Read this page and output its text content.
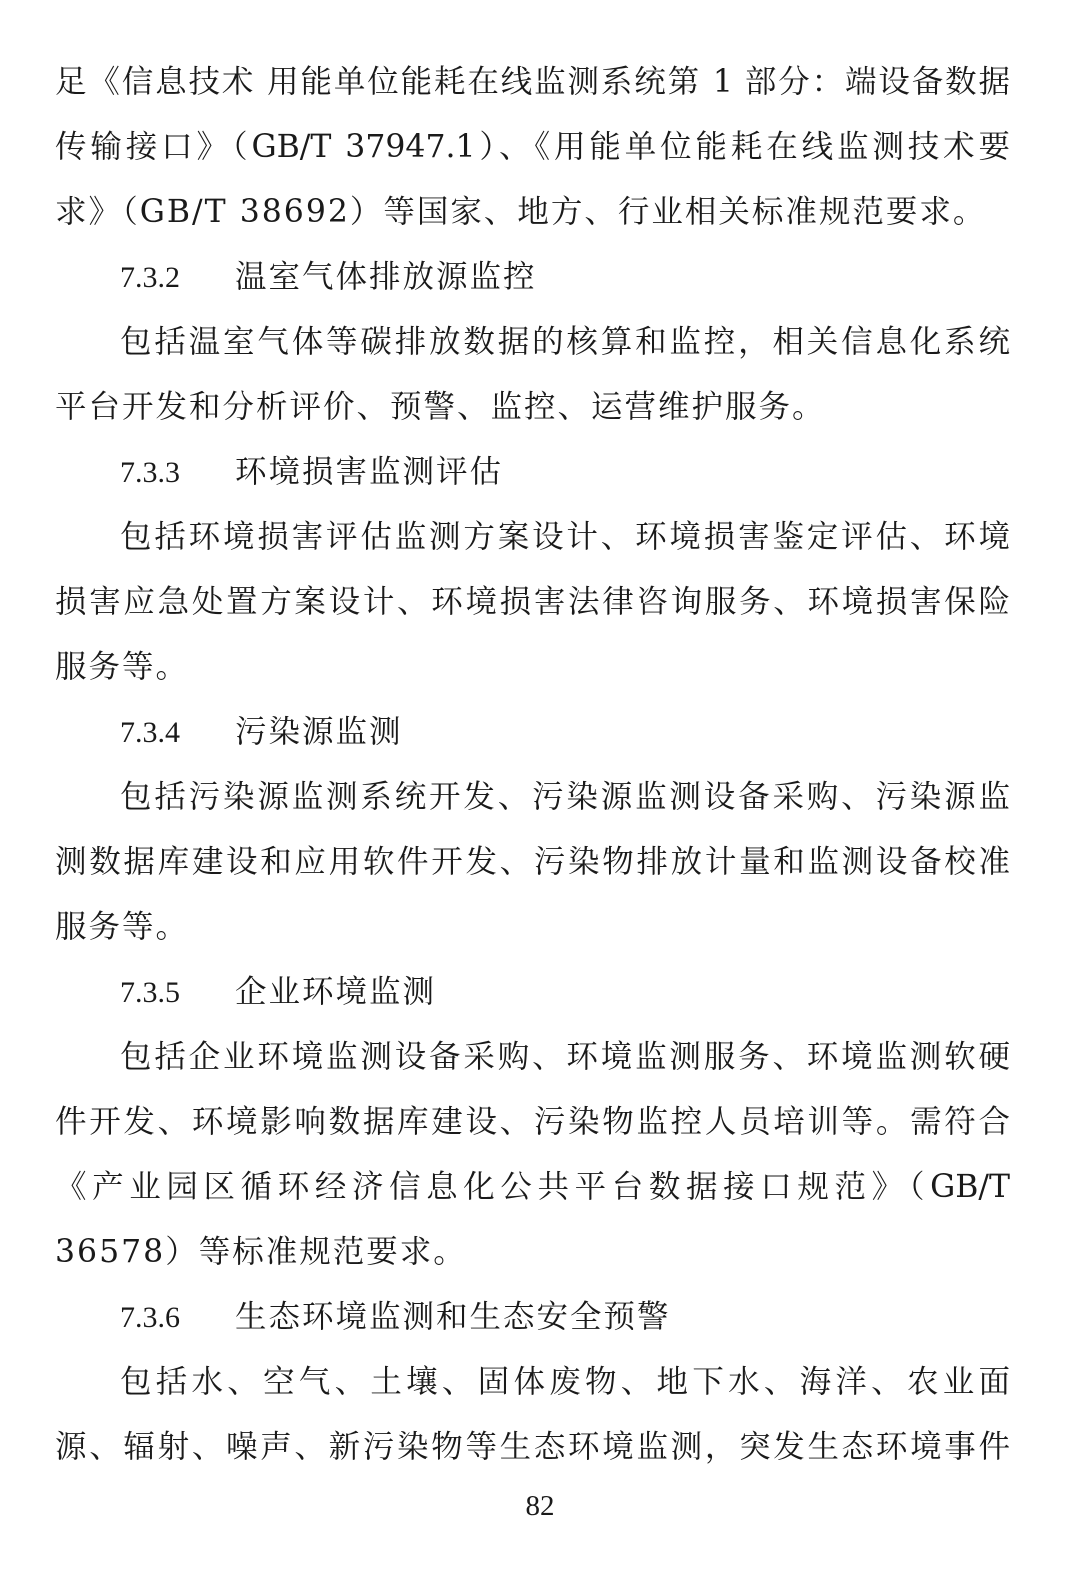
足《信息技术 用能单位能耗在线监测系统第 1 部分：端设备数据
传输接口》（GB/T 37947.1）、《用能单位能耗在线监测技术要
求》（GB/T 38692）等国家、地方、行业相关标准规范要求。
7.3.2	温室气体排放源监控
包括温室气体等碳排放数据的核算和监控，相关信息化系统
平台开发和分析评价、预警、监控、运营维护服务。
7.3.3	环境损害监测评估
包括环境损害评估监测方案设计、环境损害鉴定评估、环境
损害应急处置方案设计、环境损害法律咨询服务、环境损害保险
服务等。
7.3.4	污染源监测
包括污染源监测系统开发、污染源监测设备采购、污染源监
测数据库建设和应用软件开发、污染物排放计量和监测设备校准
服务等。
7.3.5	企业环境监测
包括企业环境监测设备采购、环境监测服务、环境监测软硬
件开发、环境影响数据库建设、污染物监控人员培训等。需符合
《产业园区循环经济信息化公共平台数据接口规范》（GB/T
36578）等标准规范要求。
7.3.6	生态环境监测和生态安全预警
包括水、空气、土壤、固体废物、地下水、海洋、农业面
源、辐射、噪声、新污染物等生态环境监测，突发生态环境事件
82
